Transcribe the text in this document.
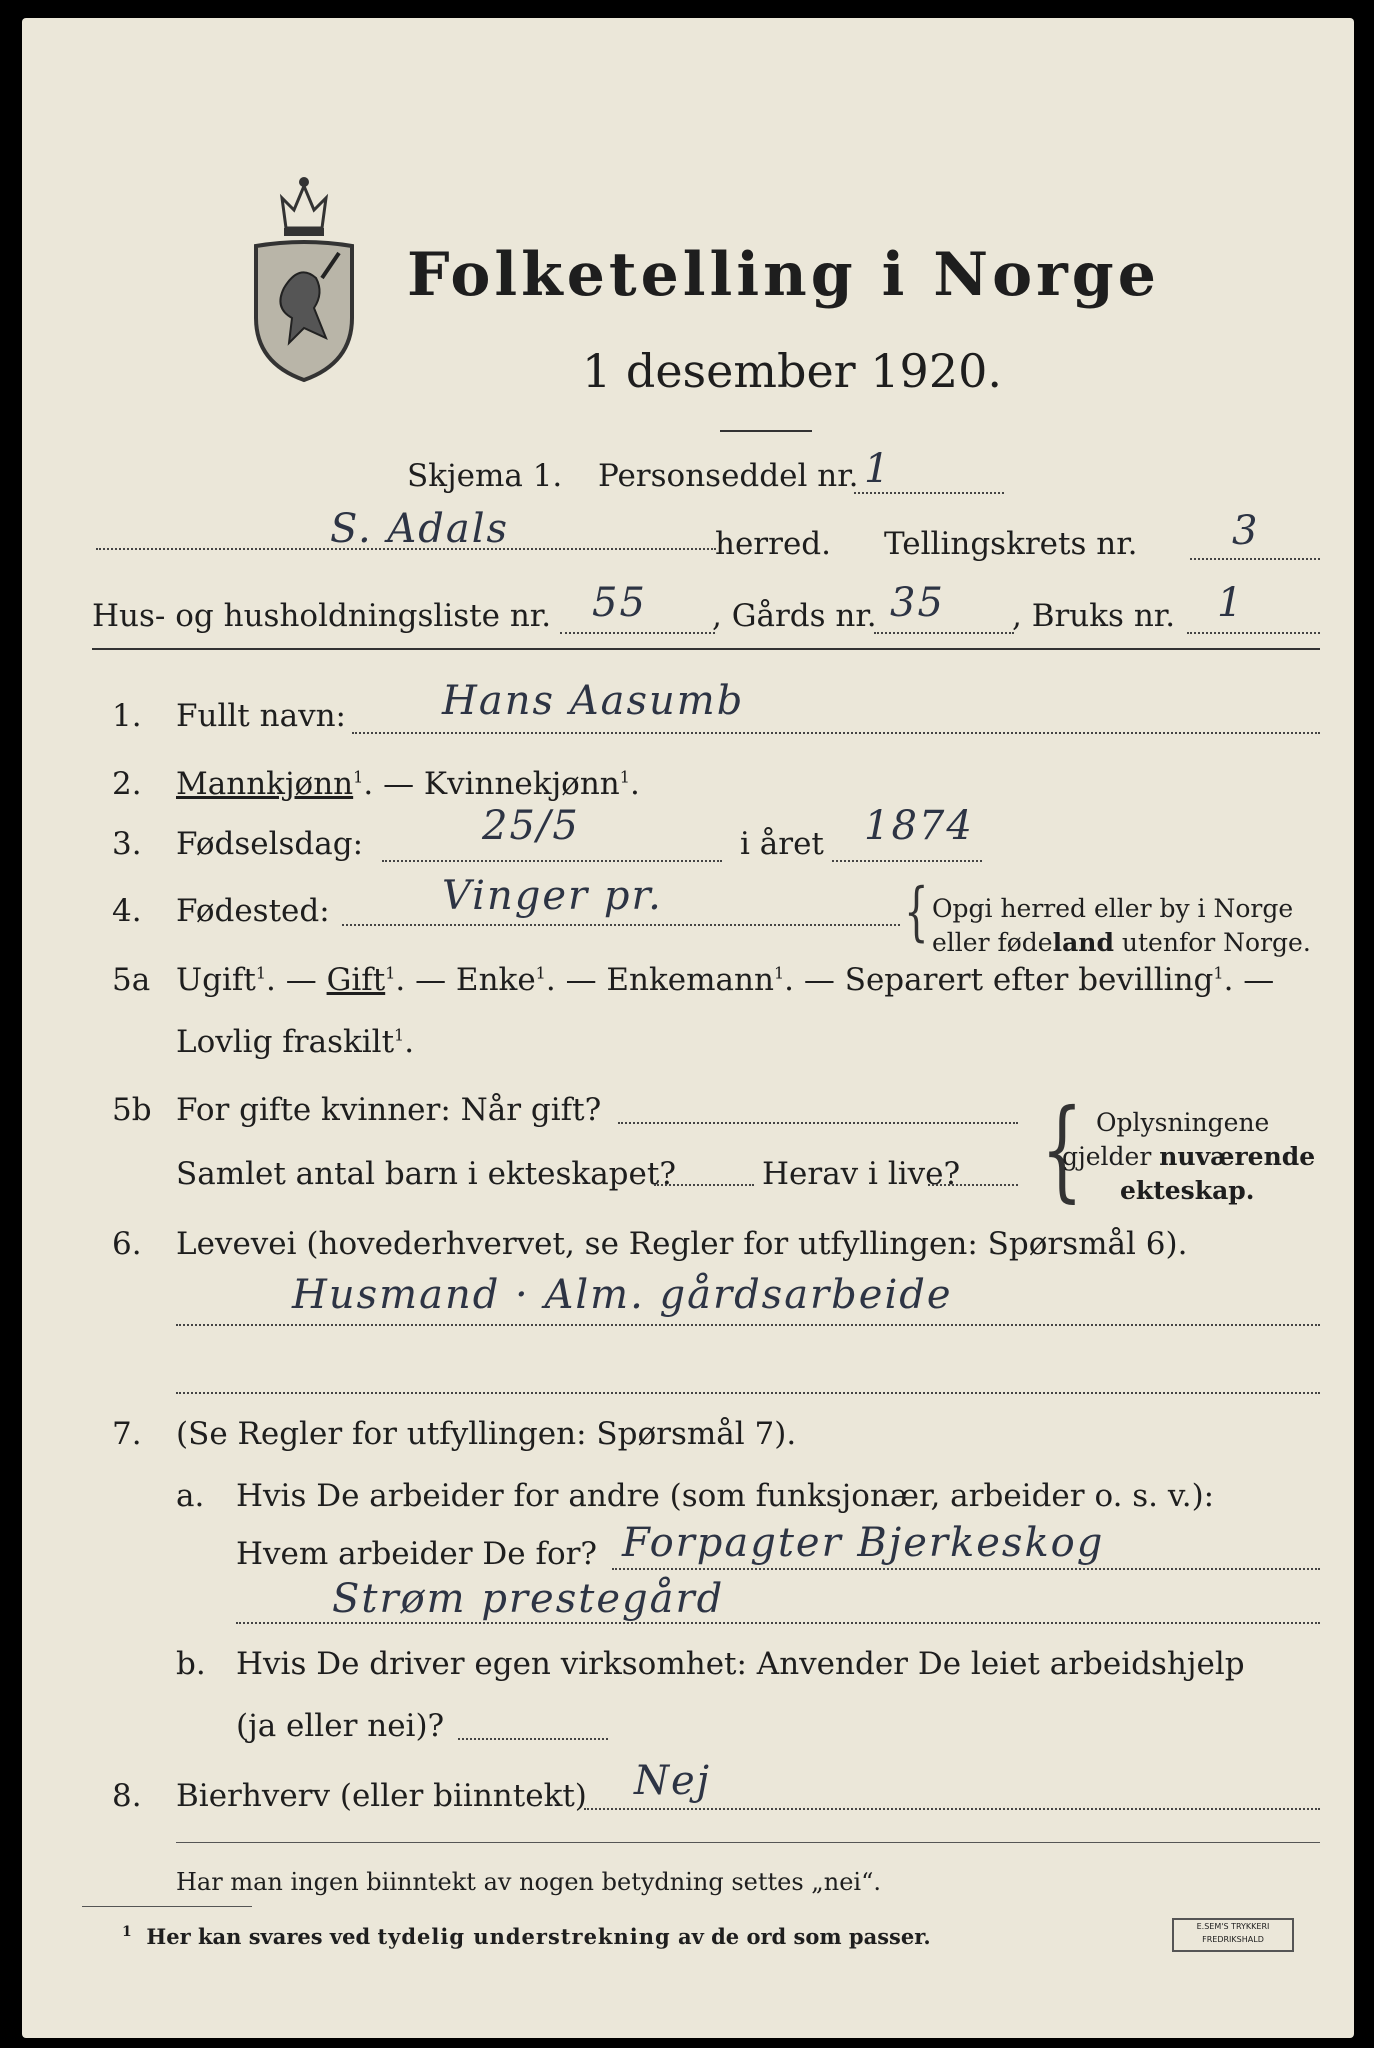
Folketelling i Norge
1 desember 1920.
Skjema 1. Personseddel nr. 1
S. Adals	herred. Tellingskrets nr. 3
Hus- og husholdningsliste nr. 55 , Gårds nr. 35 , Bruks nr. 1
1. Fullt navn: Hans Aasumb
2. Mannkjønn$^1$. — Kvinnekjønn$^1$.
3. Fødselsdag:	25/5	i året 1874
4. Fødested:	Vinger pr.	{ Opgi herred eller by i Norge
eller fødeland utenfor Norge.
5a Ugift$^1$. — Gift$^1$. — Enke$^1$. — Enkemann$^1$. — Separert efter bevilling$^1$. —
Lovlig fraskilt$^1$.
5b For gifte kvinner: Når gift?
Samlet antal barn i ekteskapet?	Herav i live? { Oplysningene
gjelder nuværende
ekteskap.
6. Levevei (hovederhvervet, se Regler for utfyllingen: Spørsmål 6).
Husmand · Alm. gårdsarbeide
7. (Se Regler for utfyllingen: Spørsmål 7).
a. Hvis De arbeider for andre (som funksjonær, arbeider o. s. v.):
Hvem arbeider De for? Forpagter Bjerkeskog
Strøm prestegård
b. Hvis De driver egen virksomhet: Anvender De leiet arbeidshjelp
(ja eller nei)?
8. Bierhverv (eller biinntekt) Nej
Har man ingen biinntekt av nogen betydning settes „nei“.
$^1$ Her kan svares ved tydelig understrekning av de ord som passer.	E.SEM'S TRYKKERI
FREDRIKSHALD
